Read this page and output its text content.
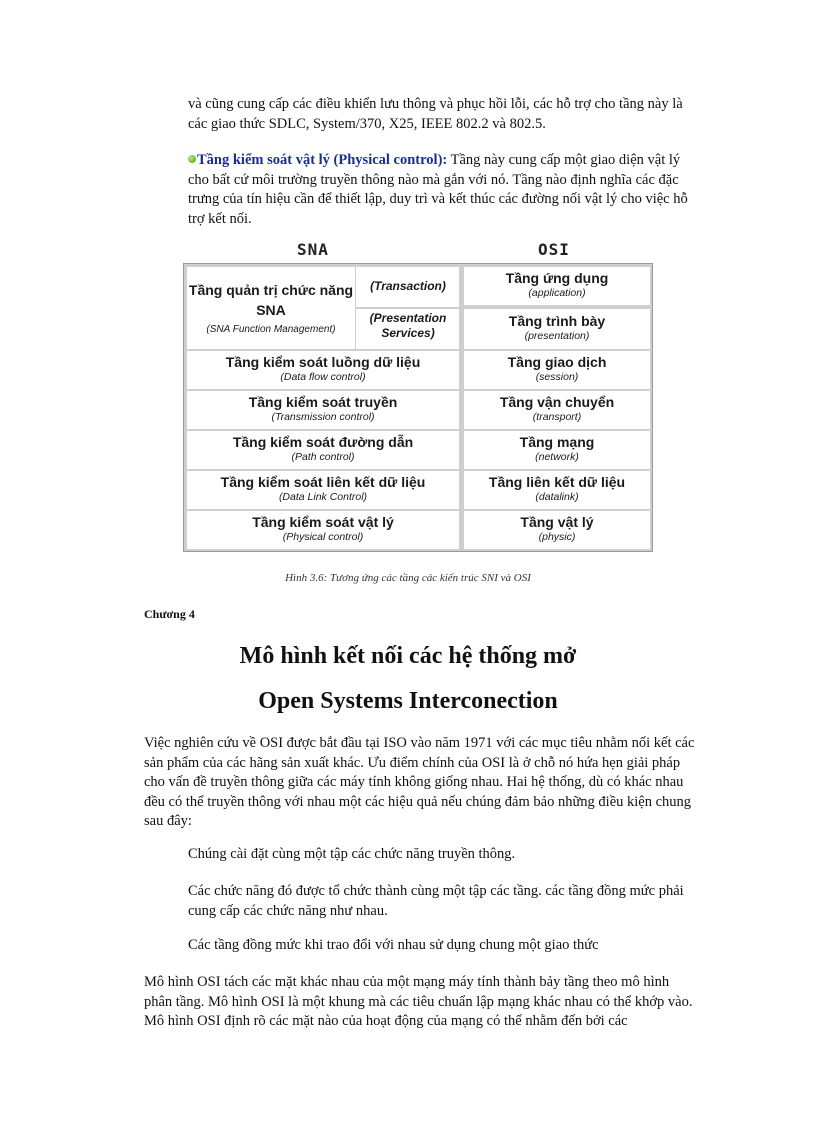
và cũng cung cấp các điều khiển lưu thông và phục hồi lỗi, các hỗ trợ cho tầng này là các giao thức SDLC, System/370, X25, IEEE 802.2 và 802.5.

Tầng kiểm soát vật lý (Physical control): Tầng này cung cấp một giao diện vật lý cho bất cứ môi trường truyền thông nào mà gắn với nó. Tầng nào định nghĩa các đặc trưng của tín hiệu cần để thiết lập, duy trì và kết thúc các đường nối vật lý cho việc hỗ trợ kết nối.

SNA	OSI

Tầng quản trị chức năng SNA
(SNA Function Management)
(Transaction)
(Presentation Services)
Tầng kiểm soát luồng dữ liệu
(Data flow control)
Tầng kiểm soát truyền
(Transmission control)
Tầng kiểm soát đường dẫn
(Path control)
Tầng kiểm soát liên kết dữ liệu
(Data Link Control)
Tầng kiểm soát vật lý
(Physical control)
Tầng ứng dụng
(application)
Tầng trình bày
(presentation)
Tầng giao dịch
(session)
Tầng vận chuyển
(transport)
Tầng mạng
(network)
Tầng liên kết dữ liệu
(datalink)
Tầng vật lý
(physic)

Hình 3.6: Tương ứng các tầng các kiến trúc SNI và OSI

Chương 4

Mô hình kết nối các hệ thống mở
Open Systems Interconection

Việc nghiên cứu về OSI được bắt đầu tại ISO vào năm 1971 với các mục tiêu nhằm nối kết các sản phẩm của các hãng sản xuất khác. Ưu điểm chính của OSI là ở chỗ nó hứa hẹn giải pháp cho vấn đề truyền thông giữa các máy tính không giống nhau. Hai hệ thống, dù có khác nhau đều có thể truyền thông với nhau một các hiệu quả nếu chúng đảm bảo những điều kiện chung sau đây:

Chúng cài đặt cùng một tập các chức năng truyền thông.

Các chức năng đó được tổ chức thành cùng một tập các tầng. các tầng đồng mức phải cung cấp các chức năng như nhau.

Các tầng đồng mức khi trao đổi với nhau sử dụng chung một giao thức

Mô hình OSI tách các mặt khác nhau của một mạng máy tính thành bảy tầng theo mô hình phân tầng. Mô hình OSI là một khung mà các tiêu chuẩn lập mạng khác nhau có thể khớp vào. Mô hình OSI định rõ các mặt nào của hoạt động của mạng có thể nhằm đến bởi các
